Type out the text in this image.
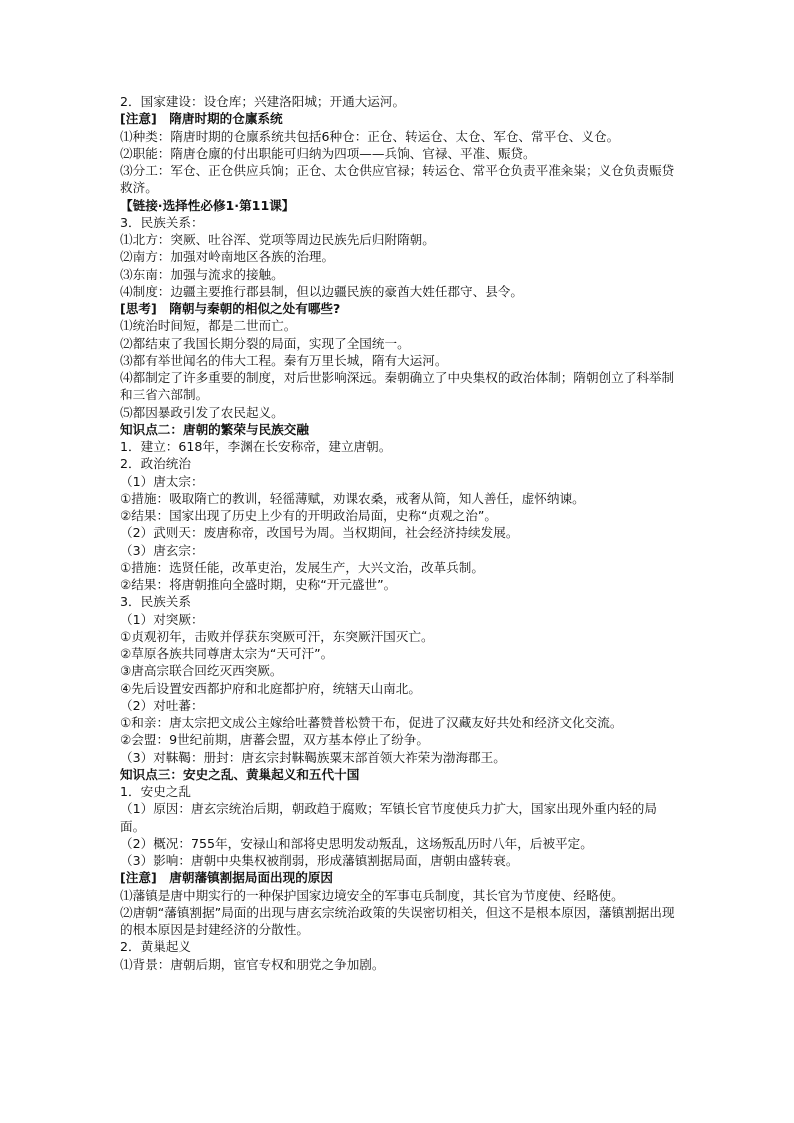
2．国家建设：设仓库；兴建洛阳城；开通大运河。

[注意]　隋唐时期的仓廪系统

⑴种类：隋唐时期的仓廪系统共包括6种仓：正仓、转运仓、太仓、军仓、常平仓、义仓。

⑵职能：隋唐仓廪的付出职能可归纳为四项——兵饷、官禄、平准、赈贷。

⑶分工：军仓、正仓供应兵饷；正仓、太仓供应官禄；转运仓、常平仓负责平准籴粜；义仓负责赈贷救济。

【链接·选择性必修1·第11课】

3．民族关系：

⑴北方：突厥、吐谷浑、党项等周边民族先后归附隋朝。

⑵南方：加强对岭南地区各族的治理。

⑶东南：加强与流求的接触。

⑷制度：边疆主要推行郡县制，但以边疆民族的豪酋大姓任郡守、县令。

[思考]　隋朝与秦朝的相似之处有哪些?

⑴统治时间短，都是二世而亡。

⑵都结束了我国长期分裂的局面，实现了全国统一。

⑶都有举世闻名的伟大工程。秦有万里长城，隋有大运河。

⑷都制定了许多重要的制度，对后世影响深远。秦朝确立了中央集权的政治体制；隋朝创立了科举制和三省六部制。

⑸都因暴政引发了农民起义。

知识点二：唐朝的繁荣与民族交融

1．建立：618年，李渊在长安称帝，建立唐朝。

2．政治统治

（1）唐太宗：

①措施：吸取隋亡的教训，轻徭薄赋，劝课农桑，戒奢从简，知人善任，虚怀纳谏。

②结果：国家出现了历史上少有的开明政治局面，史称“贞观之治”。

（2）武则天：废唐称帝，改国号为周。当权期间，社会经济持续发展。

（3）唐玄宗：

①措施：选贤任能，改革吏治，发展生产，大兴文治，改革兵制。

②结果：将唐朝推向全盛时期，史称“开元盛世”。

3．民族关系

（1）对突厥：

①贞观初年，击败并俘获东突厥可汗，东突厥汗国灭亡。

②草原各族共同尊唐太宗为“天可汗”。

③唐高宗联合回纥灭西突厥。

④先后设置安西都护府和北庭都护府，统辖天山南北。

（2）对吐蕃：

①和亲：唐太宗把文成公主嫁给吐蕃赞普松赞干布，促进了汉藏友好共处和经济文化交流。

②会盟：9世纪前期，唐蕃会盟，双方基本停止了纷争。

（3）对靺鞨：册封：唐玄宗封靺鞨族粟末部首领大祚荣为渤海郡王。

知识点三：安史之乱、黄巢起义和五代十国

1．安史之乱

（1）原因：唐玄宗统治后期，朝政趋于腐败；军镇长官节度使兵力扩大，国家出现外重内轻的局面。

（2）概况：755年，安禄山和部将史思明发动叛乱，这场叛乱历时八年，后被平定。

（3）影响：唐朝中央集权被削弱，形成藩镇割据局面，唐朝由盛转衰。

[注意]　唐朝藩镇割据局面出现的原因

⑴藩镇是唐中期实行的一种保护国家边境安全的军事屯兵制度，其长官为节度使、经略使。

⑵唐朝“藩镇割据”局面的出现与唐玄宗统治政策的失误密切相关，但这不是根本原因，藩镇割据出现的根本原因是封建经济的分散性。

2．黄巢起义

⑴背景：唐朝后期，宦官专权和朋党之争加剧。
